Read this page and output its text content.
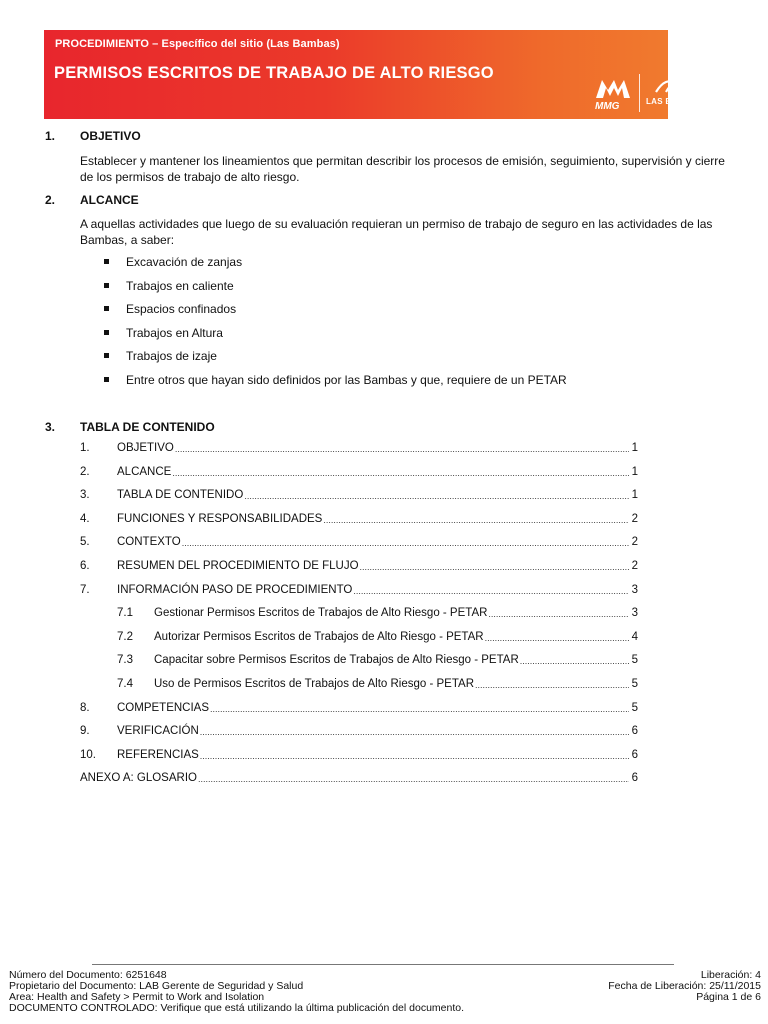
PROCEDIMIENTO – Específico del sitio (Las Bambas)
PERMISOS ESCRITOS DE TRABAJO DE ALTO RIESGO
MMG	LAS BAMBAS
1. OBJETIVO
Establecer y mantener los lineamientos que permitan describir los procesos de emisión, seguimiento, supervisión y cierre de los permisos de trabajo de alto riesgo.
2. ALCANCE
A aquellas actividades que luego de su evaluación requieran un permiso de trabajo de seguro en las actividades de las Bambas, a saber:
Excavación de zanjas
Trabajos en caliente
Espacios confinados
Trabajos en Altura
Trabajos de izaje
Entre otros que hayan sido definidos por las Bambas y que, requiere de un PETAR
3. TABLA DE CONTENIDO
1.	OBJETIVO .....	1
2.	ALCANCE .....	1
3.	TABLA DE CONTENIDO .....	1
4.	FUNCIONES Y RESPONSABILIDADES .....	2
5.	CONTEXTO .....	2
6.	RESUMEN DEL PROCEDIMIENTO DE FLUJO .....	2
7.	INFORMACIÓN PASO DE PROCEDIMIENTO .....	3
7.1	Gestionar Permisos Escritos de Trabajos de Alto Riesgo - PETAR .....	3
7.2	Autorizar Permisos Escritos de Trabajos de Alto Riesgo - PETAR .....	4
7.3	Capacitar sobre Permisos Escritos de Trabajos de Alto Riesgo - PETAR .....	5
7.4	Uso de Permisos Escritos de Trabajos de Alto Riesgo - PETAR .....	5
8.	COMPETENCIAS .....	5
9.	VERIFICACIÓN .....	6
10.	REFERENCIAS .....	6
ANEXO A: GLOSARIO .....	6
Número del Documento: 6251648
Propietario del Documento: LAB Gerente de Seguridad y Salud
Area: Health and Safety > Permit to Work and Isolation
DOCUMENTO CONTROLADO: Verifique que está utilizando la última publicación del documento.
Liberación: 4
Fecha de Liberación: 25/11/2015
Página 1 de 6
